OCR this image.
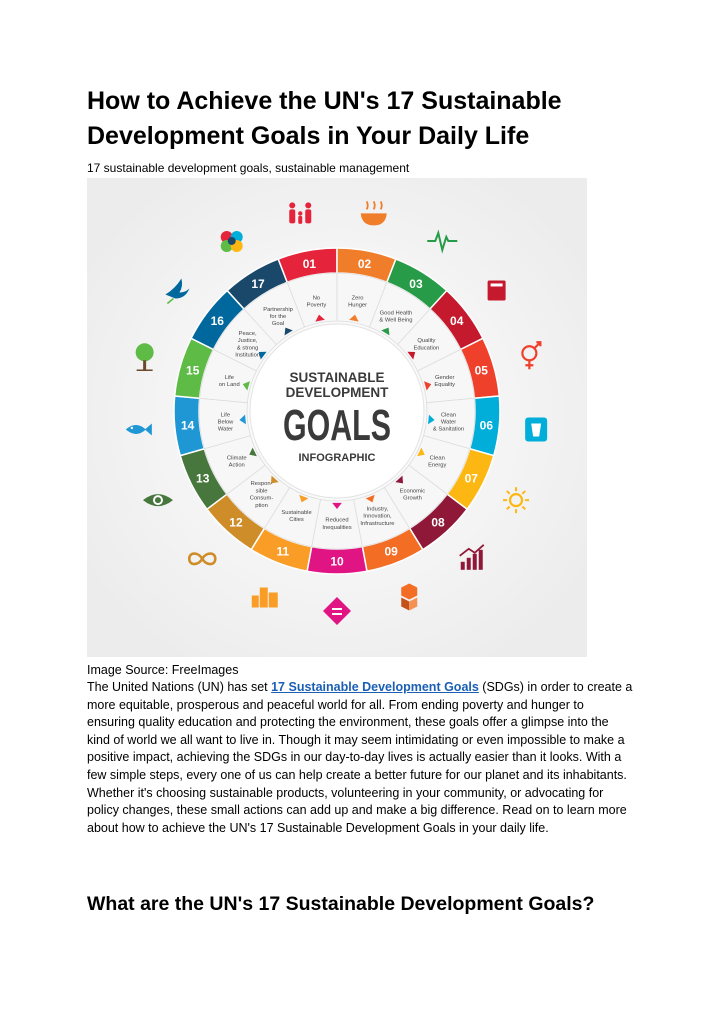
How to Achieve the UN's 17 Sustainable Development Goals in Your Daily Life
17 sustainable development goals, sustainable management
01
No
Poverty
02
Zero
Hunger
03
Good Health
& Well Being	04
Quality
Education
05
Gender
Equality
06
Clean
Water
& Sanitation
07
Clean
Energy
08
Economic
Growth
09
Industry,
Innovation,
Infrastructure
10
Reduced
Inequalities
11
Sustainable
Cities
12
Respon-
sible
Consum-
ption
13
Climate
Action
14
Life
Below
Water
15
Life
on Land
16
Peace,
Justice,
& strong
Institution
17
Partnership
for the
Goal
SUSTAINABLE
DEVELOPMENT
GOALS
INFOGRAPHIC
Image Source: FreeImages

The United Nations (UN) has set 17 Sustainable Development Goals (SDGs) in order to create a more equitable, prosperous and peaceful world for all. From ending poverty and hunger to ensuring quality education and protecting the environment, these goals offer a glimpse into the kind of world we all want to live in. Though it may seem intimidating or even impossible to make a positive impact, achieving the SDGs in our day-to-day lives is actually easier than it looks. With a few simple steps, every one of us can help create a better future for our planet and its inhabitants. Whether it's choosing sustainable products, volunteering in your community, or advocating for policy changes, these small actions can add up and make a big difference. Read on to learn more about how to achieve the UN's 17 Sustainable Development Goals in your daily life.

What are the UN's 17 Sustainable Development Goals?
